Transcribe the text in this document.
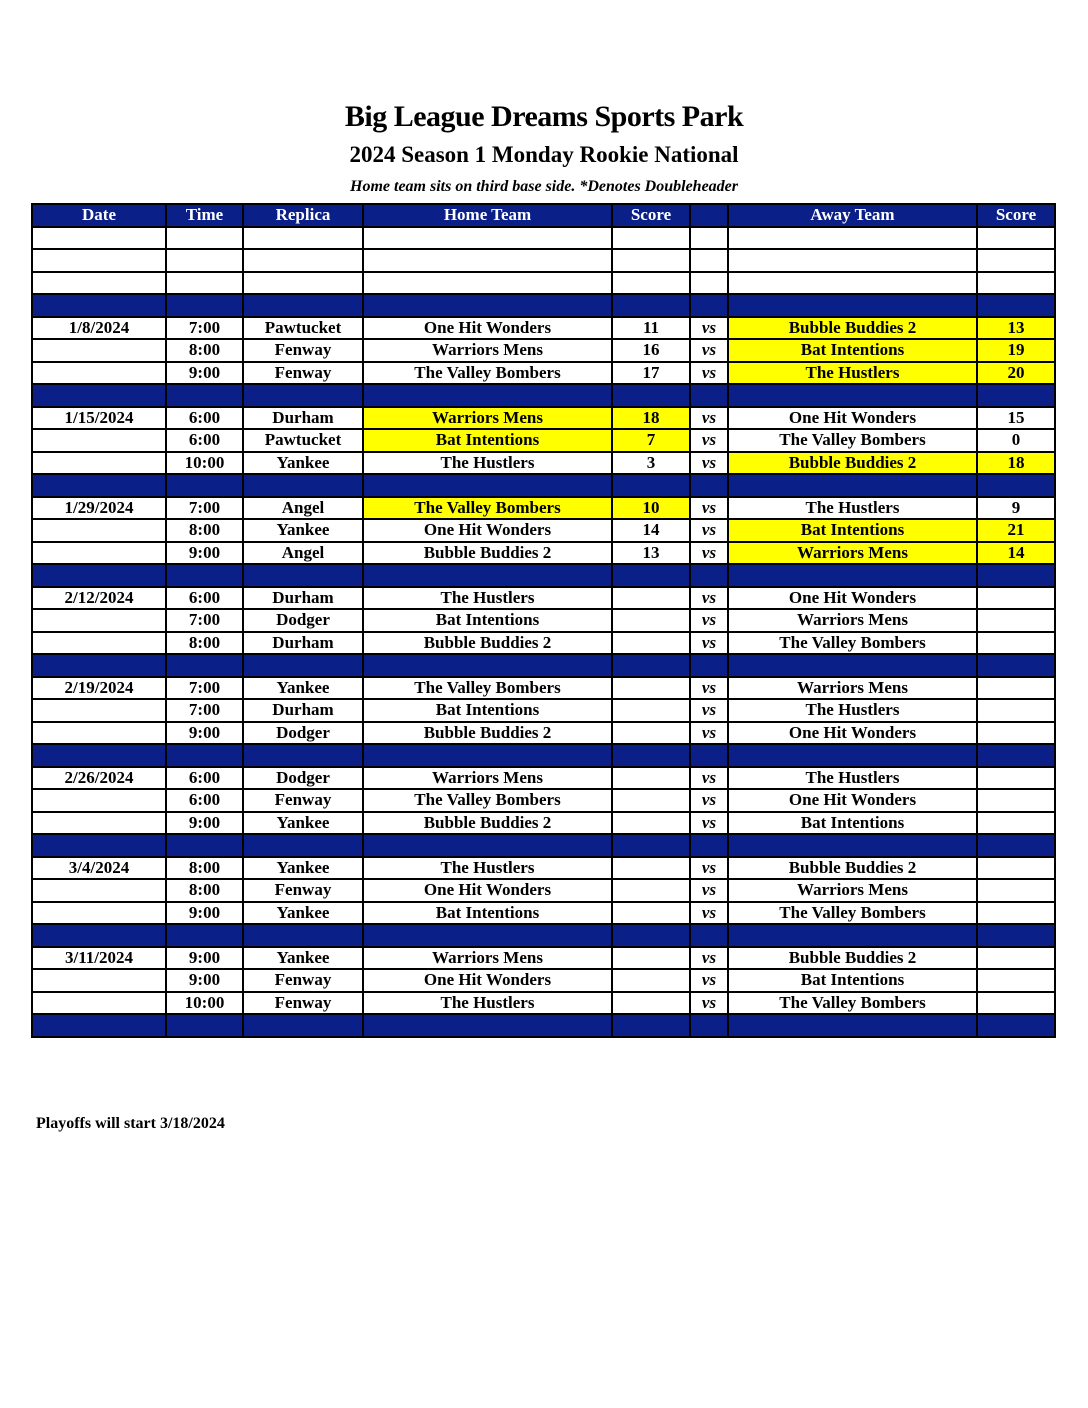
Big League Dreams Sports Park
2024 Season 1 Monday Rookie National
Home team sits on third base side. *Denotes Doubleheader
Date	Time	Replica	Home Team	Score		Away Team	Score

1/8/2024	7:00	Pawtucket	One Hit Wonders	11	vs	Bubble Buddies 2	13
	8:00	Fenway	Warriors Mens	16	vs	Bat Intentions	19
	9:00	Fenway	The Valley Bombers	17	vs	The Hustlers	20

1/15/2024	6:00	Durham	Warriors Mens	18	vs	One Hit Wonders	15
	6:00	Pawtucket	Bat Intentions	7	vs	The Valley Bombers	0
	10:00	Yankee	The Hustlers	3	vs	Bubble Buddies 2	18

1/29/2024	7:00	Angel	The Valley Bombers	10	vs	The Hustlers	9
	8:00	Yankee	One Hit Wonders	14	vs	Bat Intentions	21
	9:00	Angel	Bubble Buddies 2	13	vs	Warriors Mens	14

2/12/2024	6:00	Durham	The Hustlers		vs	One Hit Wonders	
	7:00	Dodger	Bat Intentions		vs	Warriors Mens	
	8:00	Durham	Bubble Buddies 2		vs	The Valley Bombers	

2/19/2024	7:00	Yankee	The Valley Bombers		vs	Warriors Mens	
	7:00	Durham	Bat Intentions		vs	The Hustlers	
	9:00	Dodger	Bubble Buddies 2		vs	One Hit Wonders	

2/26/2024	6:00	Dodger	Warriors Mens		vs	The Hustlers	
	6:00	Fenway	The Valley Bombers		vs	One Hit Wonders	
	9:00	Yankee	Bubble Buddies 2		vs	Bat Intentions	

3/4/2024	8:00	Yankee	The Hustlers		vs	Bubble Buddies 2	
	8:00	Fenway	One Hit Wonders		vs	Warriors Mens	
	9:00	Yankee	Bat Intentions		vs	The Valley Bombers	

3/11/2024	9:00	Yankee	Warriors Mens		vs	Bubble Buddies 2	
	9:00	Fenway	One Hit Wonders		vs	Bat Intentions	
	10:00	Fenway	The Hustlers		vs	The Valley Bombers	

Playoffs will start 3/18/2024
